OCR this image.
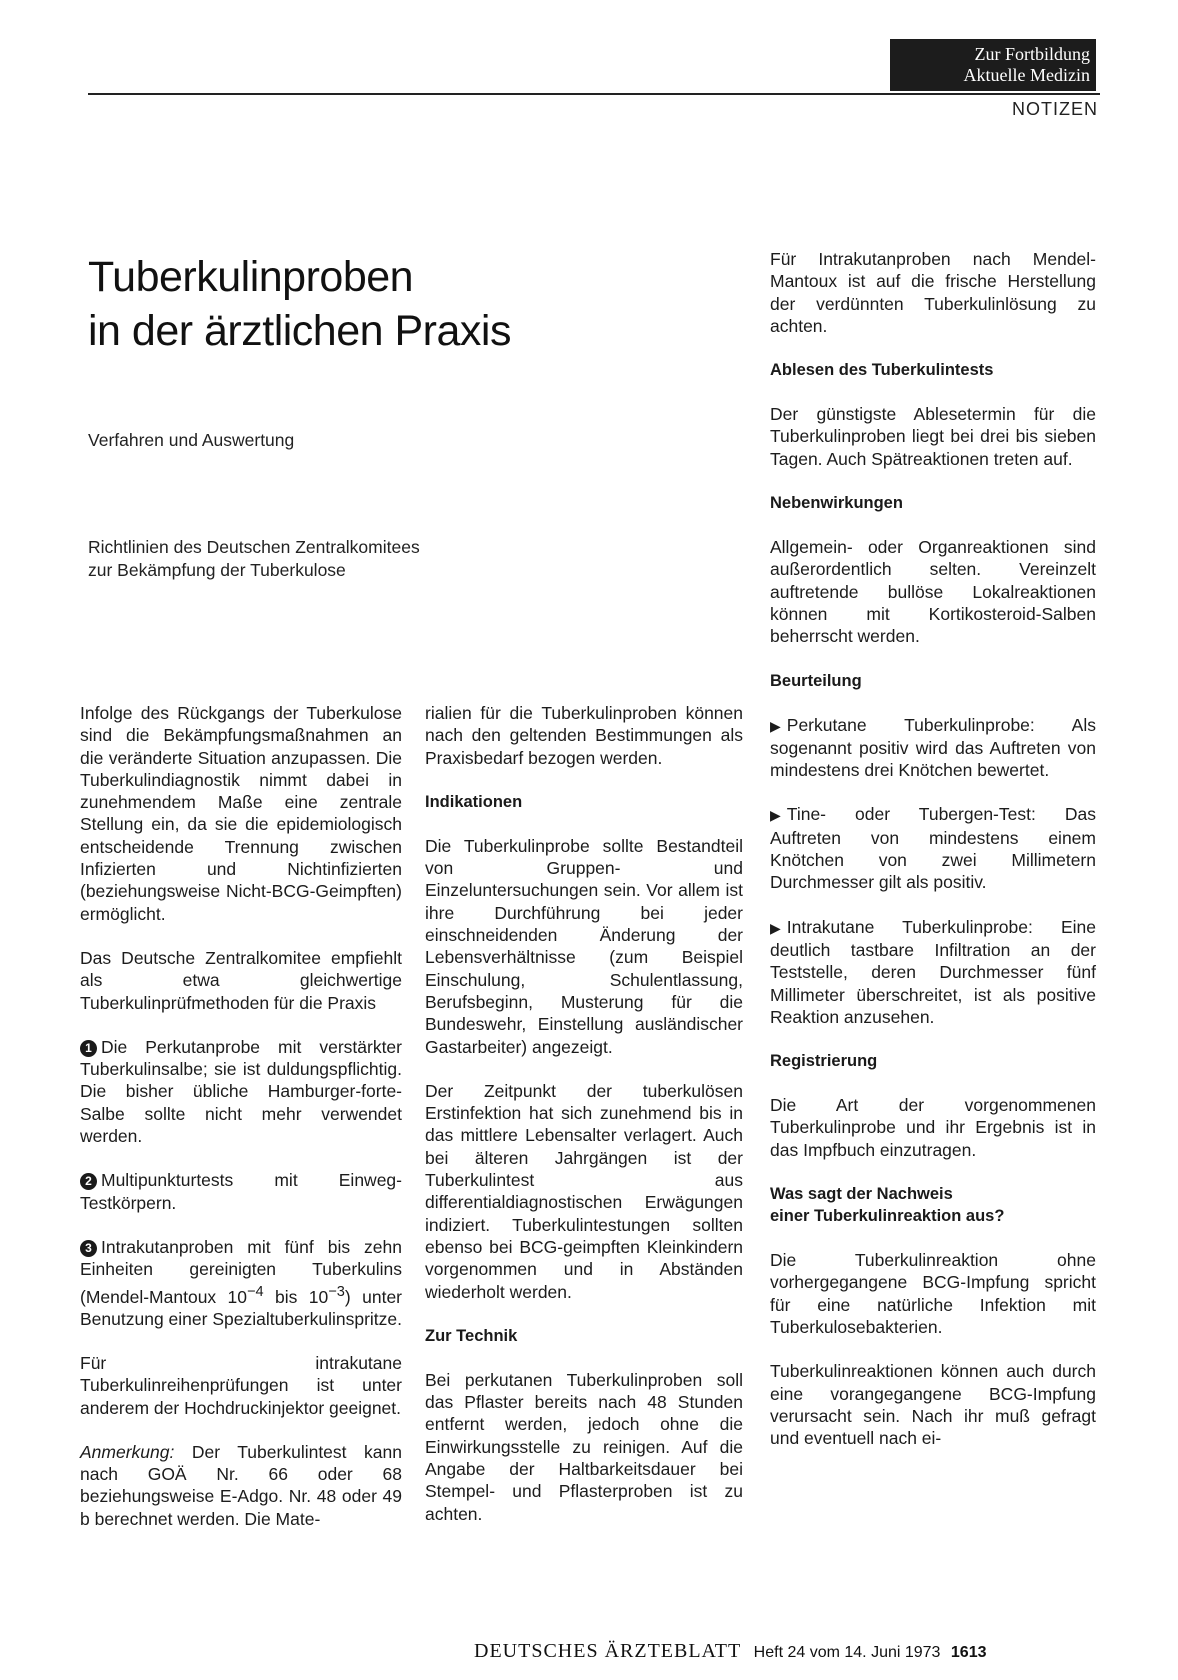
Zur Fortbildung
Aktuelle Medizin
NOTIZEN
Tuberkulinproben
in der ärztlichen Praxis
Verfahren und Auswertung
Richtlinien des Deutschen Zentralkomitees
zur Bekämpfung der Tuberkulose

Infolge des Rückgangs der Tuberkulose sind die Bekämpfungsmaßnahmen an die veränderte Situation anzupassen. Die Tuberkulindiagnostik nimmt dabei in zunehmendem Maße eine zentrale Stellung ein, da sie die epidemiologisch entscheidende Trennung zwischen Infizierten und Nichtinfizierten (beziehungsweise Nicht-BCG-Geimpften) ermöglicht.

Das Deutsche Zentralkomitee empfiehlt als etwa gleichwertige Tuberkulinprüfmethoden für die Praxis

1 Die Perkutanprobe mit verstärkter Tuberkulinsalbe; sie ist duldungspflichtig. Die bisher übliche Hamburger-forte-Salbe sollte nicht mehr verwendet werden.

2 Multipunkturtests mit Einweg-Testkörpern.

3 Intrakutanproben mit fünf bis zehn Einheiten gereinigten Tuberkulins (Mendel-Mantoux $10^{-4}$ bis $10^{-3}$) unter Benutzung einer Spezialtuberkulinspritze.

Für intrakutane Tuberkulinreihenprüfungen ist unter anderem der Hochdruckinjektor geeignet.

Anmerkung: Der Tuberkulintest kann nach GOÄ Nr. 66 oder 68 beziehungsweise E-Adgo. Nr. 48 oder 49 b berechnet werden. Die Mate-

rialien für die Tuberkulinproben können nach den geltenden Bestimmungen als Praxisbedarf bezogen werden.

Indikationen

Die Tuberkulinprobe sollte Bestandteil von Gruppen- und Einzeluntersuchungen sein. Vor allem ist ihre Durchführung bei jeder einschneidenden Änderung der Lebensverhältnisse (zum Beispiel Einschulung, Schulentlassung, Berufsbeginn, Musterung für die Bundeswehr, Einstellung ausländischer Gastarbeiter) angezeigt.

Der Zeitpunkt der tuberkulösen Erstinfektion hat sich zunehmend bis in das mittlere Lebensalter verlagert. Auch bei älteren Jahrgängen ist der Tuberkulintest aus differentialdiagnostischen Erwägungen indiziert. Tuberkulintestungen sollten ebenso bei BCG-geimpften Kleinkindern vorgenommen und in Abständen wiederholt werden.

Zur Technik

Bei perkutanen Tuberkulinproben soll das Pflaster bereits nach 48 Stunden entfernt werden, jedoch ohne die Einwirkungsstelle zu reinigen. Auf die Angabe der Haltbarkeitsdauer bei Stempel- und Pflasterproben ist zu achten.

Für Intrakutanproben nach Mendel-Mantoux ist auf die frische Herstellung der verdünnten Tuberkulinlösung zu achten.

Ablesen des Tuberkulintests

Der günstigste Ablesetermin für die Tuberkulinproben liegt bei drei bis sieben Tagen. Auch Spätreaktionen treten auf.

Nebenwirkungen

Allgemein- oder Organreaktionen sind außerordentlich selten. Vereinzelt auftretende bullöse Lokalreaktionen können mit Kortikosteroid-Salben beherrscht werden.

Beurteilung

▶ Perkutane Tuberkulinprobe: Als sogenannt positiv wird das Auftreten von mindestens drei Knötchen bewertet.

▶ Tine- oder Tubergen-Test: Das Auftreten von mindestens einem Knötchen von zwei Millimetern Durchmesser gilt als positiv.

▶ Intrakutane Tuberkulinprobe: Eine deutlich tastbare Infiltration an der Teststelle, deren Durchmesser fünf Millimeter überschreitet, ist als positive Reaktion anzusehen.

Registrierung

Die Art der vorgenommenen Tuberkulinprobe und ihr Ergebnis ist in das Impfbuch einzutragen.

Was sagt der Nachweis
einer Tuberkulinreaktion aus?

Die Tuberkulinreaktion ohne vorhergegangene BCG-Impfung spricht für eine natürliche Infektion mit Tuberkulosebakterien.

Tuberkulinreaktionen können auch durch eine vorangegangene BCG-Impfung verursacht sein. Nach ihr muß gefragt und eventuell nach ei-

DEUTSCHES ÄRZTEBLATT Heft 24 vom 14. Juni 1973 1613
